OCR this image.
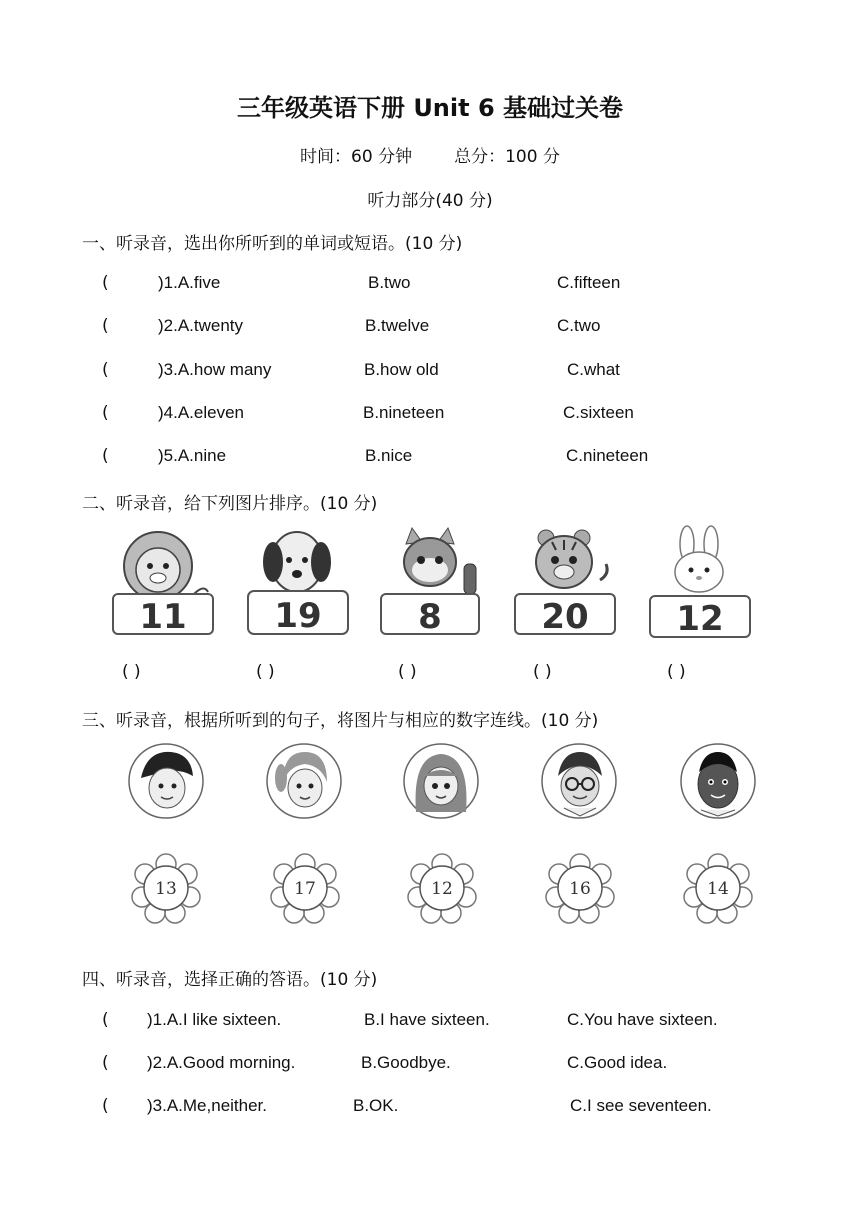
三年级英语下册 Unit 6 基础过关卷
时间：60 分钟 总分：100 分
听力部分(40 分)
一、听录音，选出你所听到的单词或短语。(10 分)
(	)1.A.five	B.two	C.fifteen
(	)2.A.twenty	B.twelve	C.two
(	)3.A.how many	B.how old	C.what
(	)4.A.eleven	B.nineteen	C.sixteen
(	)5.A.nine	B.nice	C.nineteen
二、听录音，给下列图片排序。(10 分)
11	19	8	20	12
( )	( )	( )	( )	( )
三、听录音，根据所听到的句子，将图片与相应的数字连线。(10 分)
13	17	12	16	14
四、听录音，选择正确的答语。(10 分)
( )1.A.I like sixteen.	B.I have sixteen.	C.You have sixteen.
( )2.A.Good morning.	B.Goodbye.	C.Good idea.
( )3.A.Me,neither.	B.OK.	C.I see seventeen.
